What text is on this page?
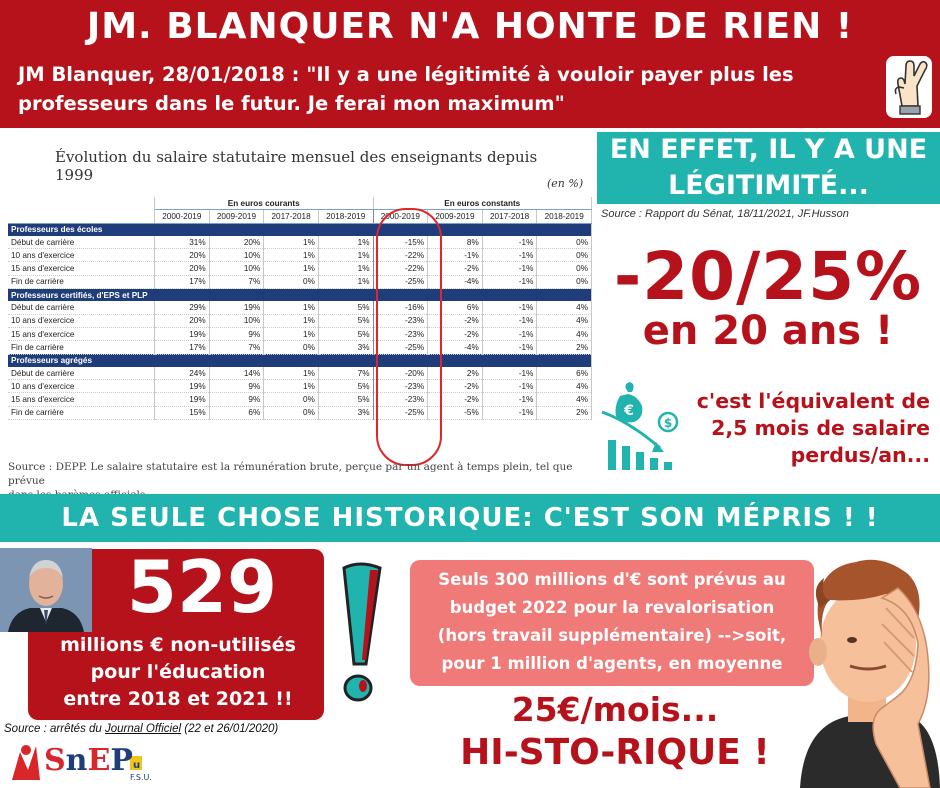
JM. BLANQUER N'A HONTE DE RIEN !
JM Blanquer, 28/01/2018 : "Il y a une légitimité à vouloir payer plus les
professeurs dans le futur. Je ferai mon maximum"
Évolution du salaire statutaire mensuel des enseignants depuis 1999	(en %)
	En euros courants				En euros constants			
	2000-2019	2009-2019	2017-2018	2018-2019	2000-2019	2009-2019	2017-2018	2018-2019
Professeurs des écoles								
Début de carrière	31%	20%	1%	1%	-15%	8%	-1%	0%
10 ans d'exercice	20%	10%	1%	1%	-22%	-1%	-1%	0%
15 ans d'exercice	20%	10%	1%	1%	-22%	-2%	-1%	0%
Fin de carrière	17%	7%	0%	1%	-25%	-4%	-1%	0%
Professeurs certifiés, d'EPS et PLP								
Début de carrière	29%	19%	1%	5%	-16%	6%	-1%	4%
10 ans d'exercice	20%	10%	1%	5%	-23%	-2%	-1%	4%
15 ans d'exercice	19%	9%	1%	5%	-23%	-2%	-1%	4%
Fin de carrière	17%	7%	0%	3%	-25%	-4%	-1%	2%
Professeurs agrégés								
Début de carrière	24%	14%	1%	7%	-20%	2%	-1%	6%
10 ans d'exercice	19%	9%	1%	5%	-23%	-2%	-1%	4%
15 ans d'exercice	19%	9%	0%	5%	-23%	-2%	-1%	4%
Fin de carrière	15%	6%	0%	3%	-25%	-5%	-1%	2%
Source : DEPP. Le salaire statutaire est la rémunération brute, perçue par un agent à temps plein, tel que prévue
EN EFFET, IL Y A UNE
LÉGITIMITÉ...
Source : Rapport du Sénat, 18/11/2021, JF.Husson
-20/25%
en 20 ans !
€
$
c'est l'équivalent de
2,5 mois de salaire
perdus/an...
LA SEULE CHOSE HISTORIQUE: C'EST SON MÉPRIS ! !
529
millions € non-utilisés
pour l'éducation
entre 2018 et 2021 !!
Source : arrêtés du Journal Officiel (22 et 26/01/2020)
Seuls 300 millions d'€ sont prévus au
budget 2022 pour la revalorisation
(hors travail supplémentaire) -->soit,
pour 1 million d'agents, en moyenne
25€/mois...
HI-STO-RIQUE !
F.S.U.
u
SnEP
